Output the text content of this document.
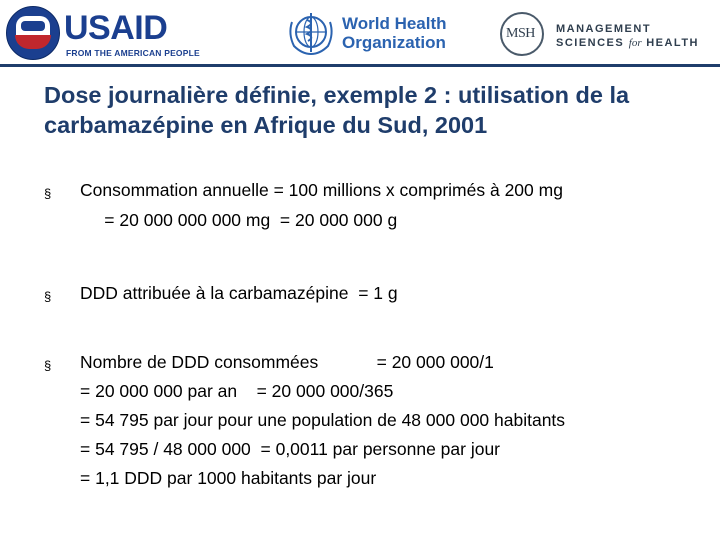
USAID
FROM THE AMERICAN PEOPLE
World Health
Organization	MSH MANAGEMENT
SCIENCES for HEALTH
Dose journalière définie, exemple 2 : utilisation de la carbamazépine en Afrique du Sud, 2001
§ Consommation annuelle = 100 millions x comprimés à 200 mg
= 20 000 000 000 mg  = 20 000 000 g
§ DDD attribuée à la carbamazépine  = 1 g
§ Nombre de DDD consommées            = 20 000 000/1
= 20 000 000 par an    = 20 000 000/365
= 54 795 par jour pour une population de 48 000 000 habitants
= 54 795 / 48 000 000  = 0,0011 par personne par jour
= 1,1 DDD par 1000 habitants par jour
